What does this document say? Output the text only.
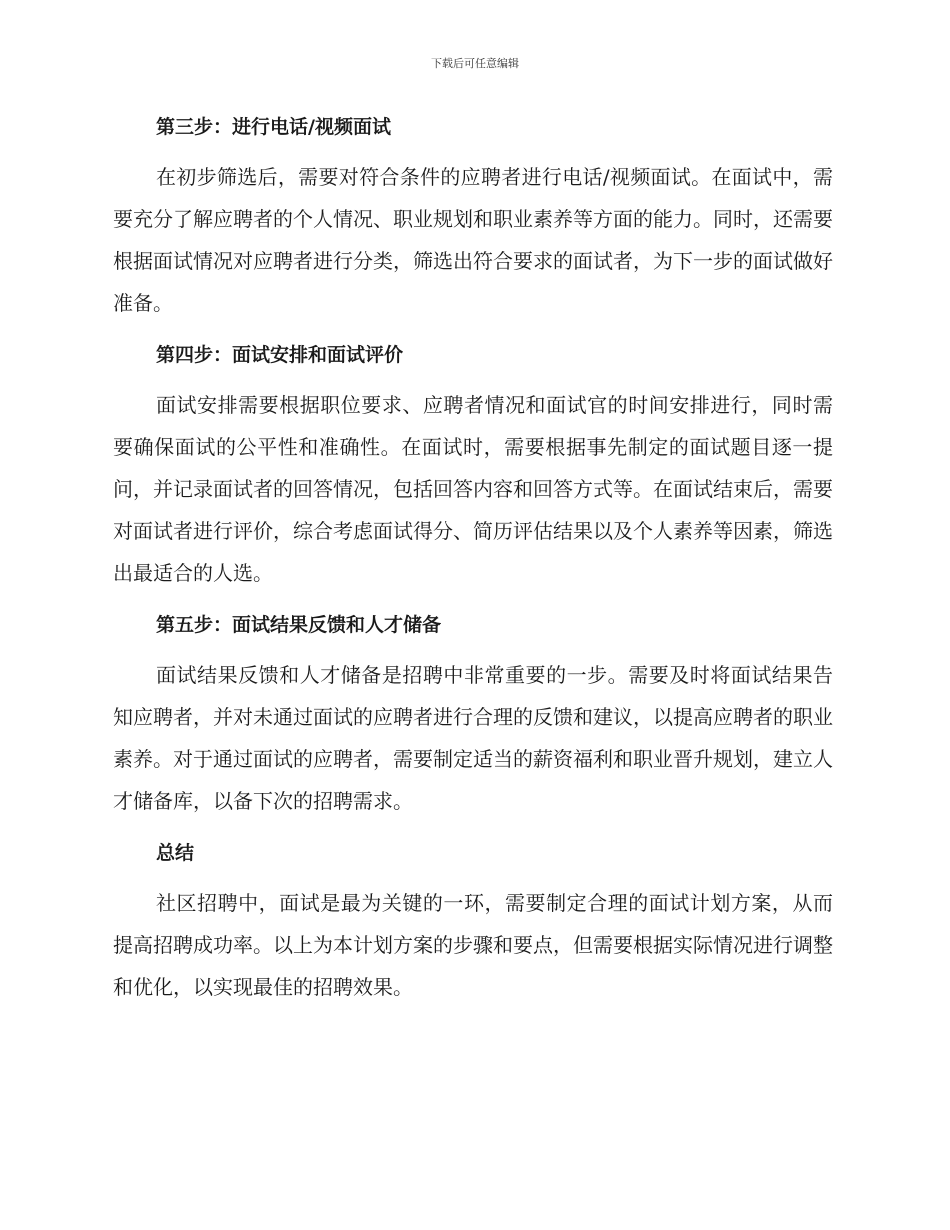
下载后可任意编辑

第三步：进行电话/视频面试

在初步筛选后，需要对符合条件的应聘者进行电话/视频面试。在面试中，需要充分了解应聘者的个人情况、职业规划和职业素养等方面的能力。同时，还需要根据面试情况对应聘者进行分类，筛选出符合要求的面试者，为下一步的面试做好准备。

第四步：面试安排和面试评价

面试安排需要根据职位要求、应聘者情况和面试官的时间安排进行，同时需要确保面试的公平性和准确性。在面试时，需要根据事先制定的面试题目逐一提问，并记录面试者的回答情况，包括回答内容和回答方式等。在面试结束后，需要对面试者进行评价，综合考虑面试得分、简历评估结果以及个人素养等因素，筛选出最适合的人选。

第五步：面试结果反馈和人才储备

面试结果反馈和人才储备是招聘中非常重要的一步。需要及时将面试结果告知应聘者，并对未通过面试的应聘者进行合理的反馈和建议，以提高应聘者的职业素养。对于通过面试的应聘者，需要制定适当的薪资福利和职业晋升规划，建立人才储备库，以备下次的招聘需求。

总结

社区招聘中，面试是最为关键的一环，需要制定合理的面试计划方案，从而提高招聘成功率。以上为本计划方案的步骤和要点，但需要根据实际情况进行调整和优化，以实现最佳的招聘效果。
